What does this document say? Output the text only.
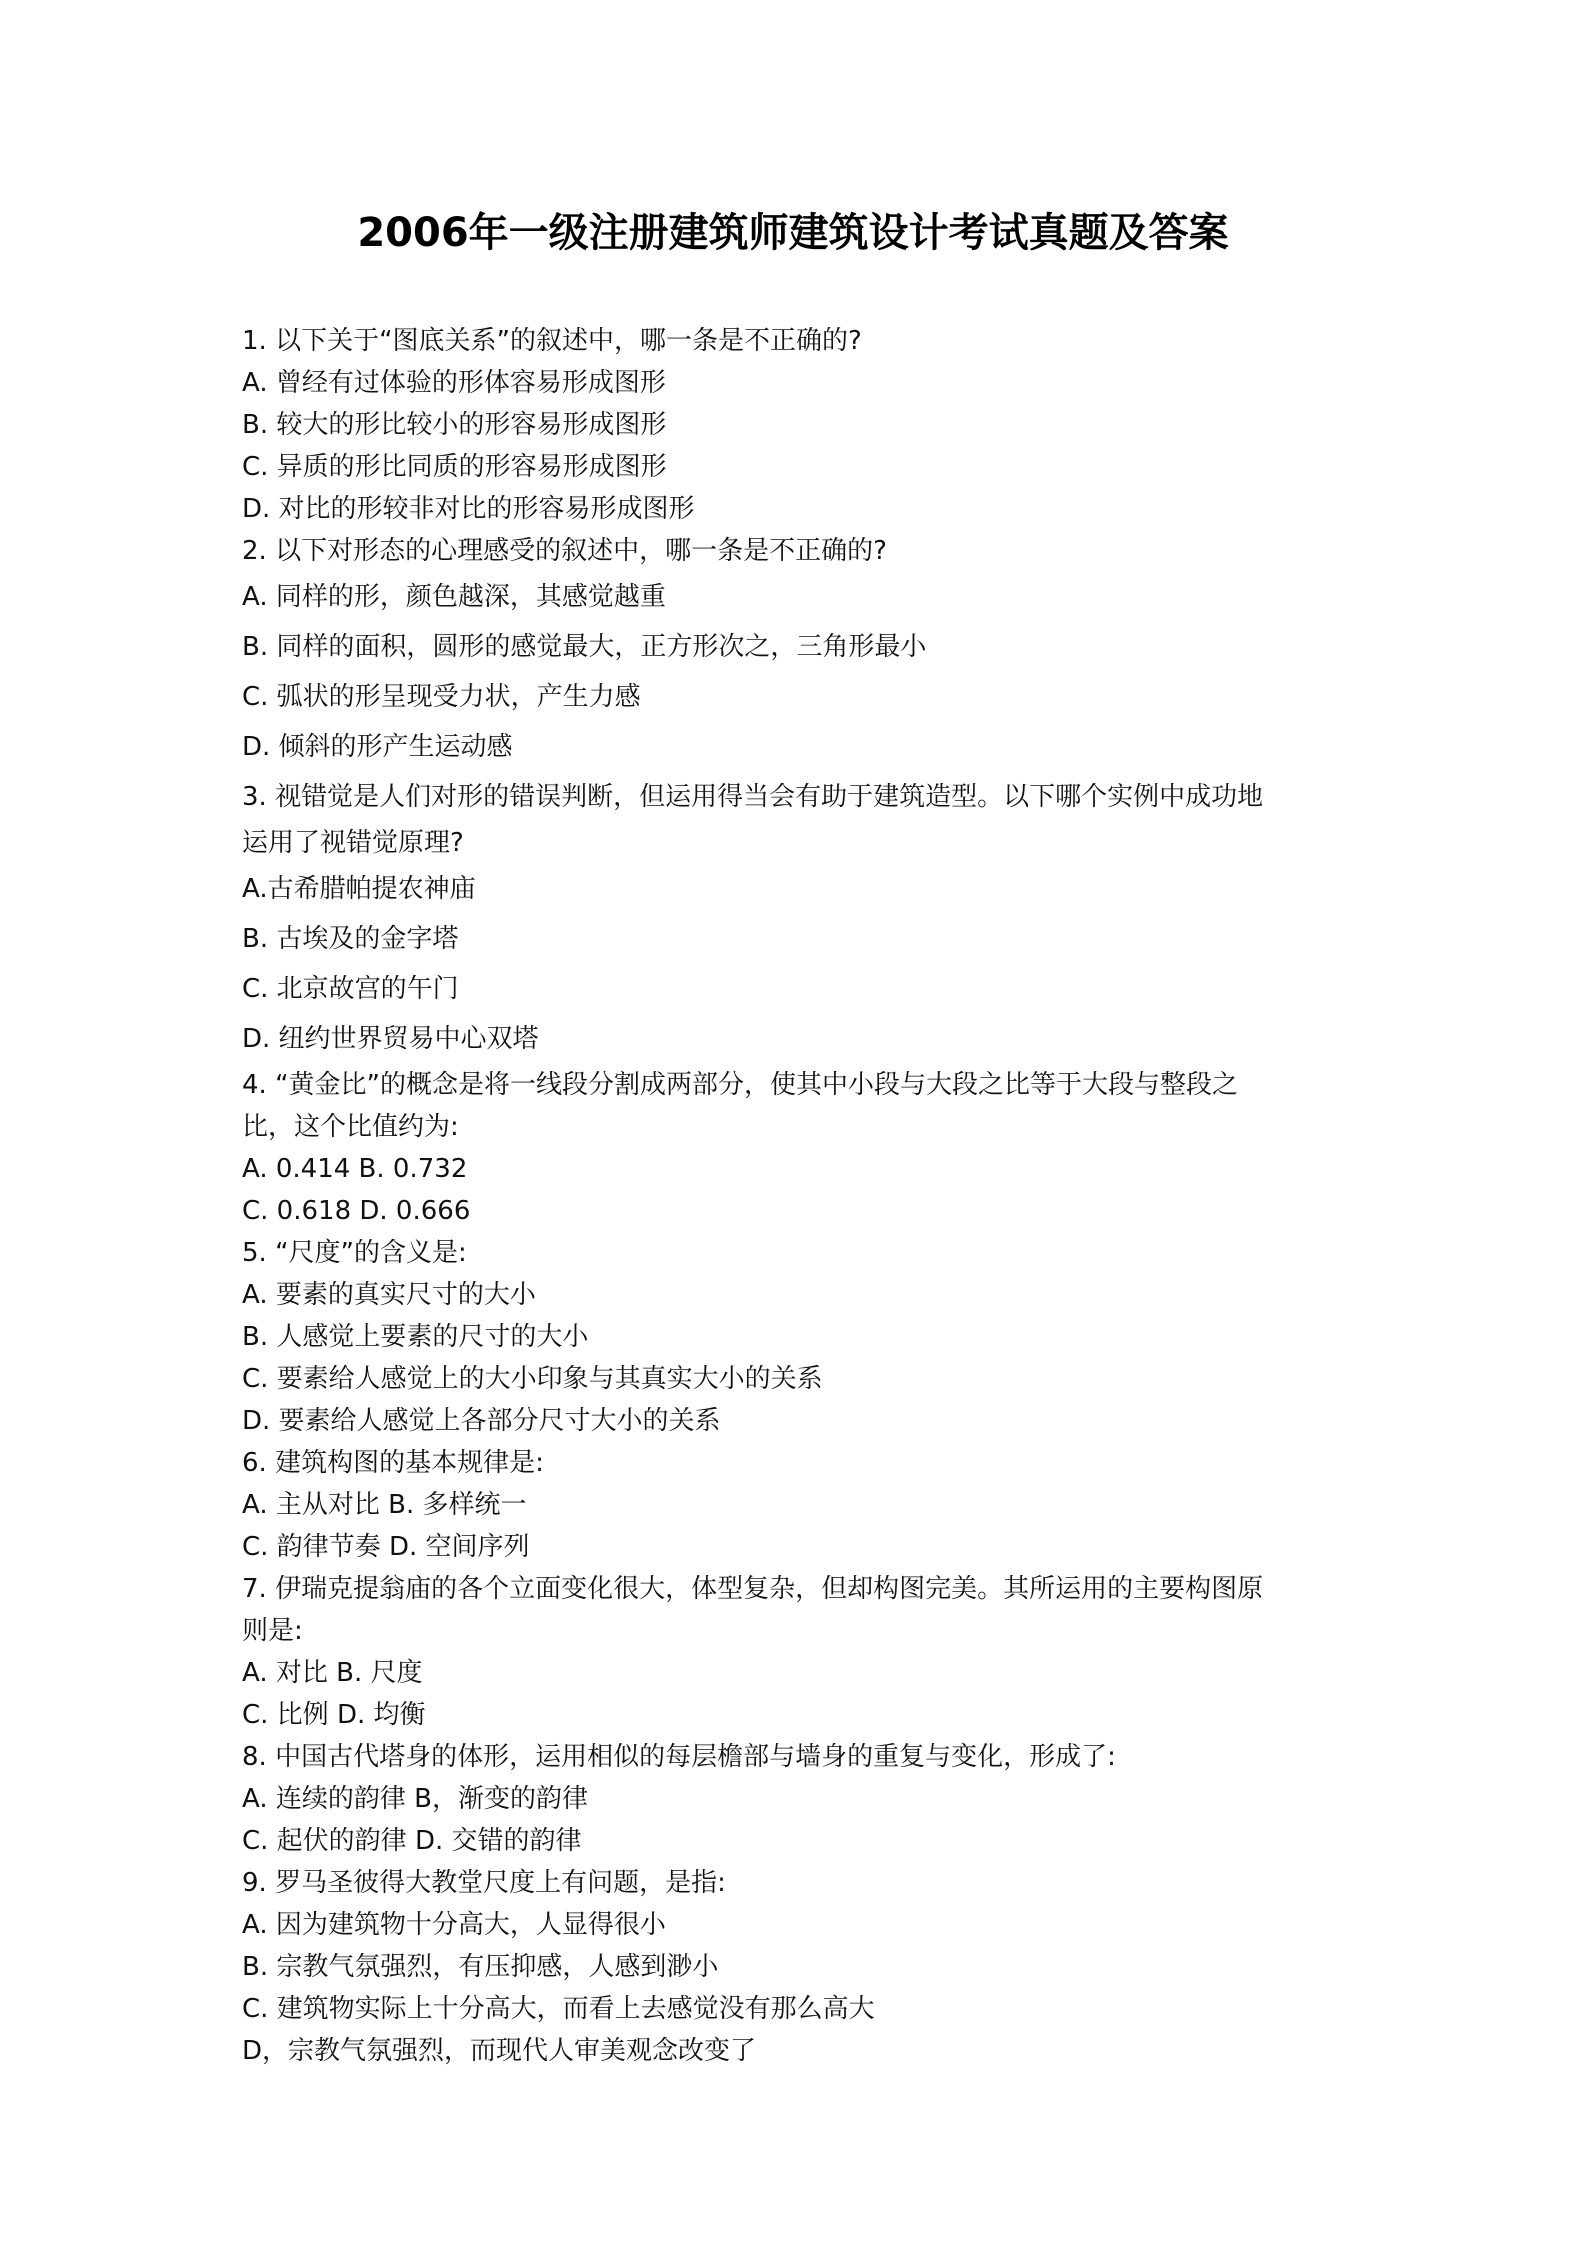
2006年一级注册建筑师建筑设计考试真题及答案
1. 以下关于“图底关系”的叙述中，哪一条是不正确的?
A. 曾经有过体验的形体容易形成图形
B. 较大的形比较小的形容易形成图形
C. 异质的形比同质的形容易形成图形
D. 对比的形较非对比的形容易形成图形
2. 以下对形态的心理感受的叙述中，哪一条是不正确的?
A. 同样的形，颜色越深，其感觉越重
B. 同样的面积，圆形的感觉最大，正方形次之，三角形最小
C. 弧状的形呈现受力状，产生力感
D. 倾斜的形产生运动感
3. 视错觉是人们对形的错误判断，但运用得当会有助于建筑造型。以下哪个实例中成功地
运用了视错觉原理?
A.古希腊帕提农神庙
B. 古埃及的金字塔
C. 北京故宫的午门
D. 纽约世界贸易中心双塔
4. “黄金比”的概念是将一线段分割成两部分，使其中小段与大段之比等于大段与整段之
比，这个比值约为:
A. 0.414 B. 0.732
C. 0.618 D. 0.666
5. “尺度”的含义是:
A. 要素的真实尺寸的大小
B. 人感觉上要素的尺寸的大小
C. 要素给人感觉上的大小印象与其真实大小的关系
D. 要素给人感觉上各部分尺寸大小的关系
6. 建筑构图的基本规律是:
A. 主从对比 B. 多样统一
C. 韵律节奏 D. 空间序列
7. 伊瑞克提翁庙的各个立面变化很大，体型复杂，但却构图完美。其所运用的主要构图原
则是:
A. 对比 B. 尺度
C. 比例 D. 均衡
8. 中国古代塔身的体形，运用相似的每层檐部与墙身的重复与变化，形成了:
A. 连续的韵律 B，渐变的韵律
C. 起伏的韵律 D. 交错的韵律
9. 罗马圣彼得大教堂尺度上有问题，是指:
A. 因为建筑物十分高大，人显得很小
B. 宗教气氛强烈，有压抑感，人感到渺小
C. 建筑物实际上十分高大，而看上去感觉没有那么高大
D，宗教气氛强烈，而现代人审美观念改变了
